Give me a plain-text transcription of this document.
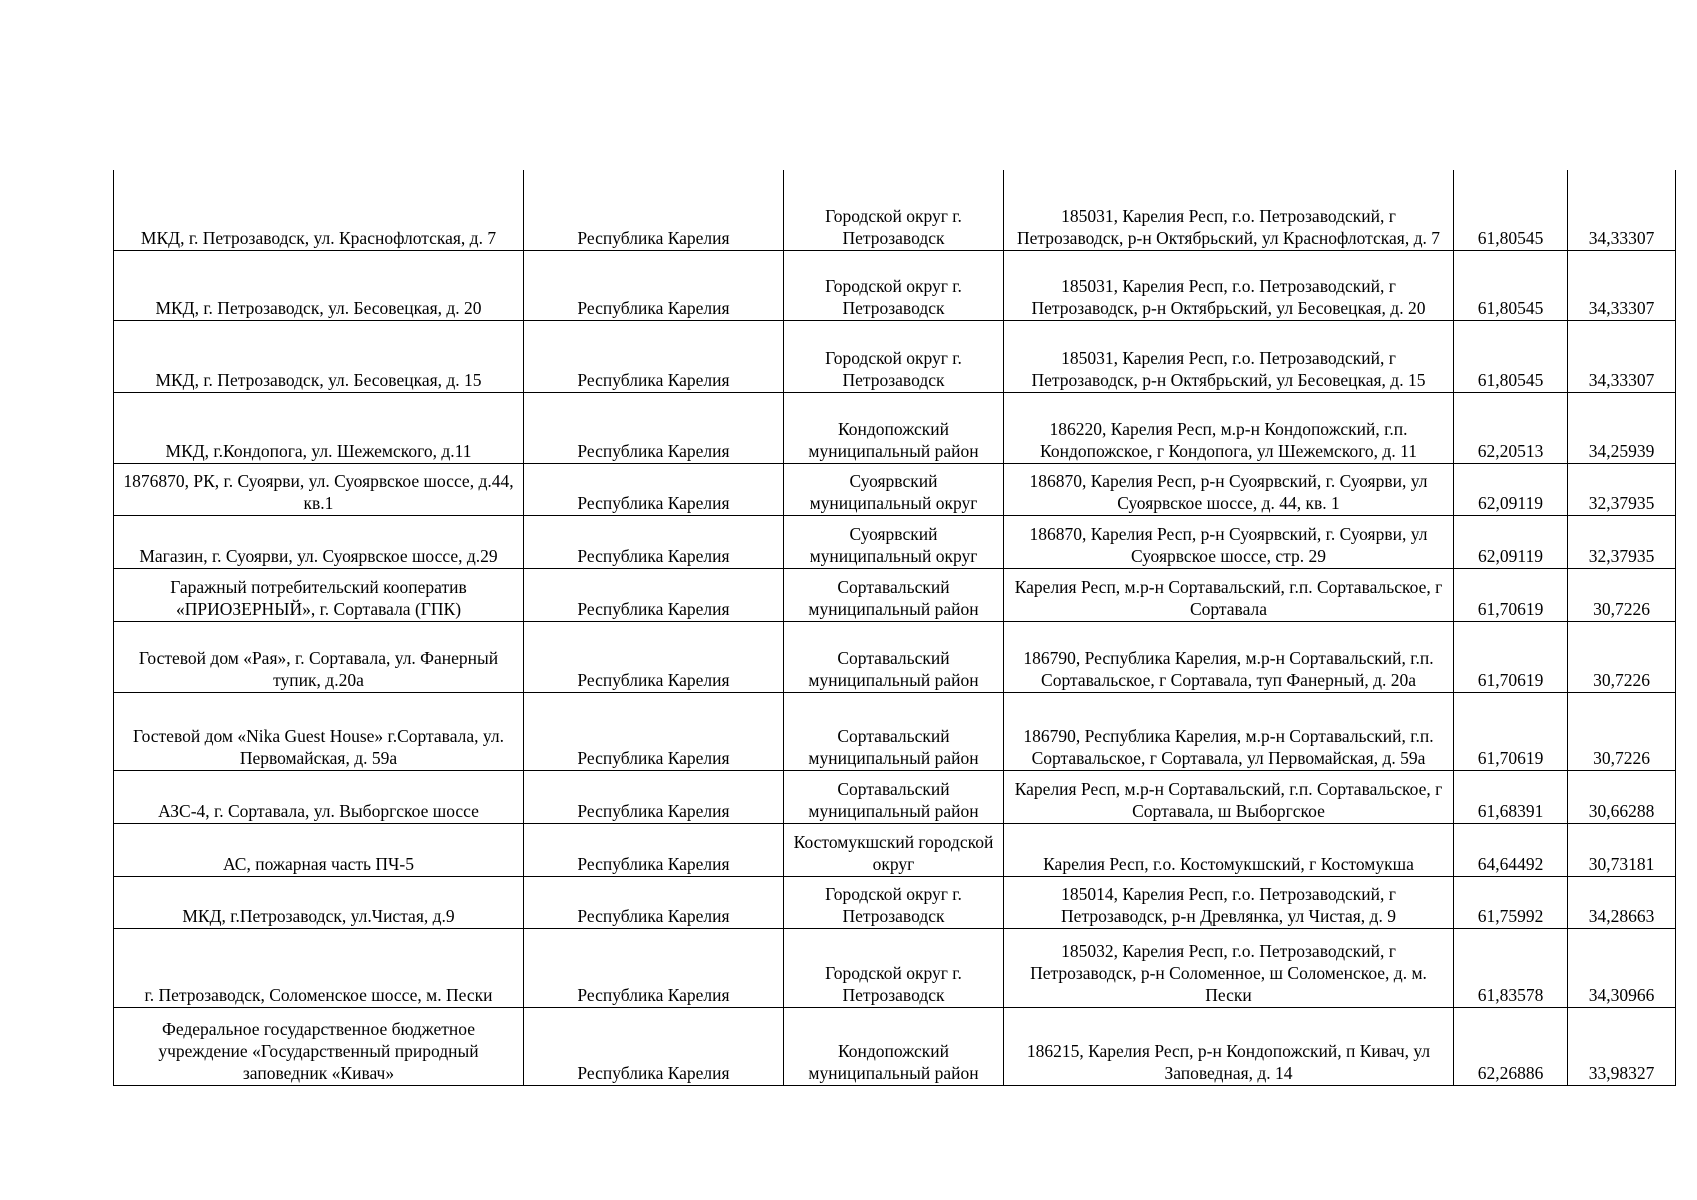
МКД, г. Петрозаводск, ул. Краснофлотская, д. 7	Республика Карелия	Городской округ г. Петрозаводск	185031, Карелия Респ, г.о. Петрозаводский, г Петрозаводск, р-н Октябрьский, ул Краснофлотская, д. 7	61,80545	34,33307
МКД, г. Петрозаводск, ул. Бесовецкая, д. 20	Республика Карелия	Городской округ г. Петрозаводск	185031, Карелия Респ, г.о. Петрозаводский, г Петрозаводск, р-н Октябрьский, ул Бесовецкая, д. 20	61,80545	34,33307
МКД, г. Петрозаводск, ул. Бесовецкая, д. 15	Республика Карелия	Городской округ г. Петрозаводск	185031, Карелия Респ, г.о. Петрозаводский, г Петрозаводск, р-н Октябрьский, ул Бесовецкая, д. 15	61,80545	34,33307
МКД, г.Кондопога, ул. Шежемского, д.11	Республика Карелия	Кондопожский муниципальный район	186220, Карелия Респ, м.р-н Кондопожский, г.п. Кондопожское, г Кондопога, ул Шежемского, д. 11	62,20513	34,25939
1876870, РК, г. Суоярви, ул. Суоярвское шоссе, д.44, кв.1	Республика Карелия	Суоярвский муниципальный округ	186870, Карелия Респ, р-н Суоярвский, г. Суоярви, ул Суоярвское шоссе, д. 44, кв. 1	62,09119	32,37935
Магазин, г. Суоярви, ул. Суоярвское шоссе, д.29	Республика Карелия	Суоярвский муниципальный округ	186870, Карелия Респ, р-н Суоярвский, г. Суоярви, ул Суоярвское шоссе, стр. 29	62,09119	32,37935
Гаражный потребительский кооператив «ПРИОЗЕРНЫЙ», г. Сортавала (ГПК)	Республика Карелия	Сортавальский муниципальный район	Карелия Респ, м.р-н Сортавальский, г.п. Сортавальское, г Сортавала	61,70619	30,7226
Гостевой дом «Рая», г. Сортавала, ул. Фанерный тупик, д.20а	Республика Карелия	Сортавальский муниципальный район	186790, Республика Карелия, м.р-н Сортавальский, г.п. Сортавальское, г Сортавала, туп Фанерный, д. 20а	61,70619	30,7226
Гостевой дом «Nika Guest House» г.Сортавала, ул. Первомайская, д. 59а	Республика Карелия	Сортавальский муниципальный район	186790, Республика Карелия, м.р-н Сортавальский, г.п. Сортавальское, г Сортавала, ул Первомайская, д. 59а	61,70619	30,7226
АЗС-4, г. Сортавала, ул. Выборгское шоссе	Республика Карелия	Сортавальский муниципальный район	Карелия Респ, м.р-н Сортавальский, г.п. Сортавальское, г Сортавала, ш Выборгское	61,68391	30,66288
АС, пожарная часть ПЧ-5	Республика Карелия	Костомукшский городской округ	Карелия Респ, г.о. Костомукшский, г Костомукша	64,64492	30,73181
МКД, г.Петрозаводск, ул.Чистая, д.9	Республика Карелия	Городской округ г. Петрозаводск	185014, Карелия Респ, г.о. Петрозаводский, г Петрозаводск, р-н Древлянка, ул Чистая, д. 9	61,75992	34,28663
г. Петрозаводск, Соломенское шоссе, м. Пески	Республика Карелия	Городской округ г. Петрозаводск	185032, Карелия Респ, г.о. Петрозаводский, г Петрозаводск, р-н Соломенное, ш Соломенское, д. м. Пески	61,83578	34,30966
Федеральное государственное бюджетное учреждение «Государственный природный заповедник «Кивач»	Республика Карелия	Кондопожский муниципальный район	186215, Карелия Респ, р-н Кондопожский, п Кивач, ул Заповедная, д. 14	62,26886	33,98327
